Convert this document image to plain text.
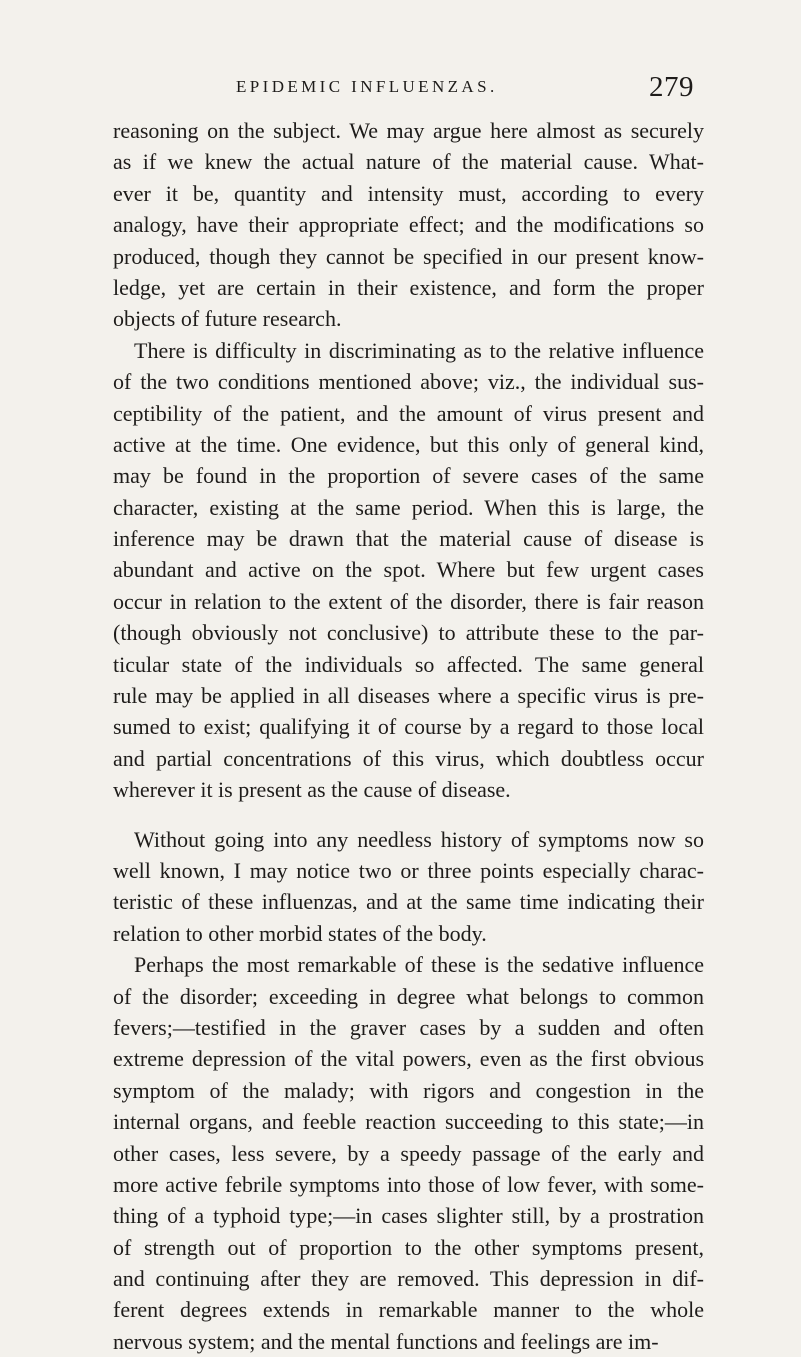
EPIDEMIC INFLUENZAS.	279
reasoning on the subject. We may argue here almost as securely
as if we knew the actual nature of the material cause. What-
ever it be, quantity and intensity must, according to every
analogy, have their appropriate effect; and the modifications so
produced, though they cannot be specified in our present know-
ledge, yet are certain in their existence, and form the proper
objects of future research.
There is difficulty in discriminating as to the relative influence
of the two conditions mentioned above; viz., the individual sus-
ceptibility of the patient, and the amount of virus present and
active at the time. One evidence, but this only of general kind,
may be found in the proportion of severe cases of the same
character, existing at the same period. When this is large, the
inference may be drawn that the material cause of disease is
abundant and active on the spot. Where but few urgent cases
occur in relation to the extent of the disorder, there is fair reason
(though obviously not conclusive) to attribute these to the par-
ticular state of the individuals so affected. The same general
rule may be applied in all diseases where a specific virus is pre-
sumed to exist; qualifying it of course by a regard to those local
and partial concentrations of this virus, which doubtless occur
wherever it is present as the cause of disease.
Without going into any needless history of symptoms now so
well known, I may notice two or three points especially charac-
teristic of these influenzas, and at the same time indicating their
relation to other morbid states of the body.
Perhaps the most remarkable of these is the sedative influence
of the disorder; exceeding in degree what belongs to common
fevers;—testified in the graver cases by a sudden and often
extreme depression of the vital powers, even as the first obvious
symptom of the malady; with rigors and congestion in the
internal organs, and feeble reaction succeeding to this state;—in
other cases, less severe, by a speedy passage of the early and
more active febrile symptoms into those of low fever, with some-
thing of a typhoid type;—in cases slighter still, by a prostration
of strength out of proportion to the other symptoms present,
and continuing after they are removed. This depression in dif-
ferent degrees extends in remarkable manner to the whole
nervous system; and the mental functions and feelings are im-
